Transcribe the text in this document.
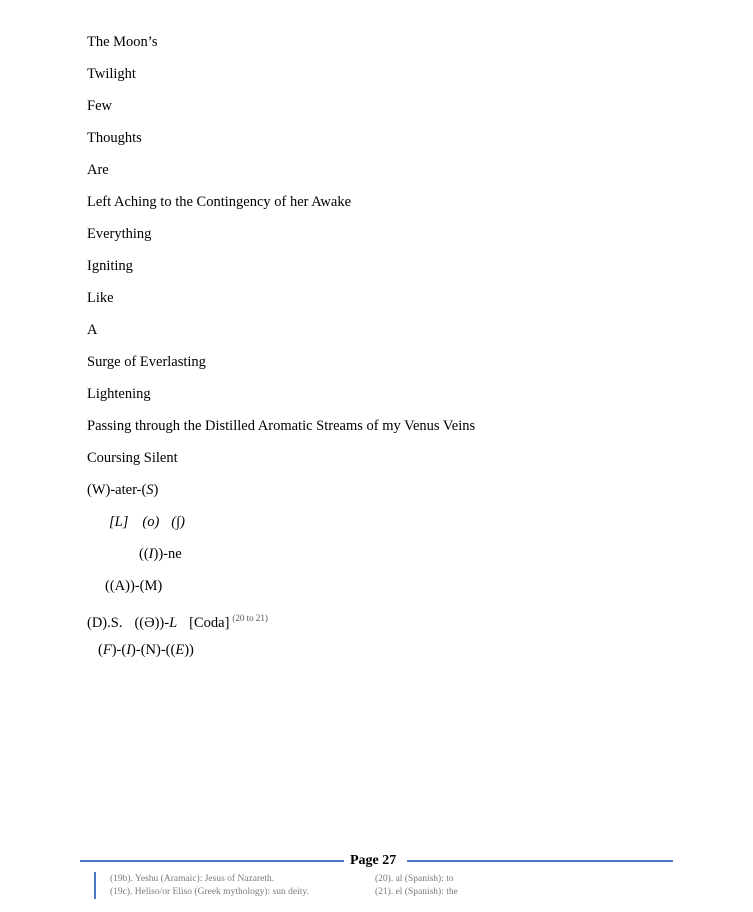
The Moon’s
Twilight
Few
Thoughts
Are
Left Aching to the Contingency of her Awake
Everything
Igniting
Like
A
Surge of Everlasting
Lightening
Passing through the Distilled Aromatic Streams of my Venus Veins
Coursing Silent
(W)-ater-(S)
[L] (o) (∫)
((I))-ne
((A))-(M)
(D).S. ((Ə))-L [Coda] $^{(20 to 21)}$
(F)-(I)-(N)-((E))
Page 27
(19b). Yeshu (Aramaic): Jesus of Nazareth.
(19c). Heliso/or Eliso (Greek mythology): sun deity.
(20). al (Spanish): to
(21). el (Spanish): the
